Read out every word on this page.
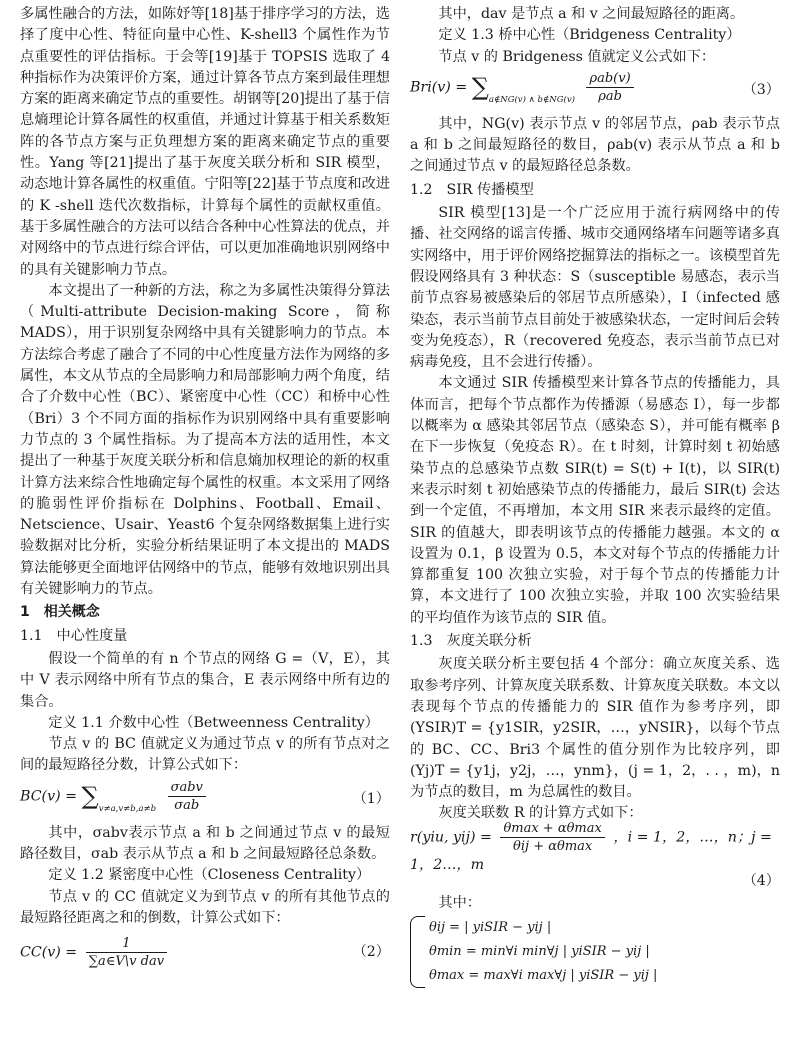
多属性融合的方法，如陈妤等[18]基于排序学习的方法，选择了度中心性、特征向量中心性、K-shell3 个属性作为节点重要性的评估指标。于会等[19]基于 TOPSIS 选取了 4 种指标作为决策评价方案，通过计算各节点方案到最佳理想方案的距离来确定节点的重要性。胡钢等[20]提出了基于信息熵理论计算各属性的权重值，并通过计算基于相关系数矩阵的各节点方案与正负理想方案的距离来确定节点的重要性。Yang 等[21]提出了基于灰度关联分析和 SIR 模型，动态地计算各属性的权重值。宁阳等[22]基于节点度和改进的 K -shell 迭代次数指标，计算每个属性的贡献权重值。基于多属性融合的方法可以结合各种中心性算法的优点，并对网络中的节点进行综合评估，可以更加准确地识别网络中的具有关键影响力节点。

本文提出了一种新的方法，称之为多属性决策得分算法（Multi-attribute Decision-making Score，简称 MADS），用于识别复杂网络中具有关键影响力的节点。本方法综合考虑了融合了不同的中心性度量方法作为网络的多属性，本文从节点的全局影响力和局部影响力两个角度，结合了介数中心性（BC）、紧密度中心性（CC）和桥中心性（Bri）3 个不同方面的指标作为识别网络中具有重要影响力节点的 3 个属性指标。为了提高本方法的适用性，本文提出了一种基于灰度关联分析和信息熵加权理论的新的权重计算方法来综合性地确定每个属性的权重。本文采用了网络的脆弱性评价指标在 Dolphins、Football、Email、Netscience、Usair、Yeast6 个复杂网络数据集上进行实验数据对比分析，实验分析结果证明了本文提出的 MADS 算法能够更全面地评估网络中的节点，能够有效地识别出具有关键影响力的节点。

1　相关概念
1.1 中心性度量

假设一个简单的有 n 个节点的网络 G =（V，E），其中 V 表示网络中所有节点的集合，E 表示网络中所有边的集合。

定义 1.1 介数中心性（Betweenness Centrality）

节点 v 的 BC 值就定义为通过节点 v 的所有节点对之间的最短路径分数，计算公式如下：

$BC(v) = \sum_{v\ne a,v\ne b,a\ne b} \frac{\text{σabv}}{\text{σab}}$	（1）

其中，σabv表示节点 a 和 b 之间通过节点 v 的最短路径数目，σab 表示从节点 a 和 b 之间最短路径总条数。

定义 1.2 紧密度中心性（Closeness Centrality）

节点 v 的 CC 值就定义为到节点 v 的所有其他节点的最短路径距离之和的倒数，计算公式如下：

$CC(v) = \frac{1}{\text{∑a∈V\textbackslash{}v dav}}$	（2）

其中，dav 是节点 a 和 v 之间最短路径的距离。

定义 1.3 桥中心性（Bridgeness Centrality）

节点 v 的 Bridgeness 值就定义公式如下：

$Bri(v) = \sum_{a\notin NG(v) \wedge b\notin NG(v)} \frac{\text{ρab(v)}}{\text{ρab}}$	（3）

其中，NG(v) 表示节点 v 的邻居节点，ρab 表示节点 a 和 b 之间最短路径的数目，ρab(v) 表示从节点 a 和 b 之间通过节点 v 的最短路径总条数。

1.2 SIR 传播模型

SIR 模型[13]是一个广泛应用于流行病网络中的传播、社交网络的谣言传播、城市交通网络堵车问题等诸多真实网络中，用于评价网络挖掘算法的指标之一。该模型首先假设网络具有 3 种状态：S（susceptible 易感态，表示当前节点容易被感染后的邻居节点所感染），I（infected 感染态，表示当前节点目前处于被感染状态，一定时间后会转变为免疫态），R（recovered 免疫态，表示当前节点已对病毒免疫，且不会进行传播）。

本文通过 SIR 传播模型来计算各节点的传播能力，具体而言，把每个节点都作为传播源（易感态 I），每一步都以概率为 α 感染其邻居节点（感染态 S），并可能有概率 β 在下一步恢复（免疫态 R）。在 t 时刻，计算时刻 t 初始感染节点的总感染节点数 SIR(t) = S(t) + I(t)，以 SIR(t) 来表示时刻 t 初始感染节点的传播能力，最后 SIR(t) 会达到一个定值，不再增加，本文用 SIR 来表示最终的定值。SIR 的值越大，即表明该节点的传播能力越强。本文的 α 设置为 0.1，β 设置为 0.5，本文对每个节点的传播能力计算都重复 100 次独立实验，对于每个节点的传播能力计算，本文进行了 100 次独立实验，并取 100 次实验结果的平均值作为该节点的 SIR 值。

1.3 灰度关联分析

灰度关联分析主要包括 4 个部分：确立灰度关系、选取参考序列、计算灰度关联系数、计算灰度关联数。本文以表现每个节点的传播能力的 SIR 值作为参考序列，即 (YSIR)T = {y1SIR，y2SIR，…，yNSIR}，以每个节点的 BC、CC、Bri3 个属性的值分别作为比较序列，即 (Yj)T = {y1j，y2j，…，ynm}，(j = 1，2，. . ，m)，n 为节点的数目，m 为总属性的数目。

灰度关联数 R 的计算方式如下：

r(yiu, $yij) = \frac{\theta\max + \alpha\theta\max}{\text{θij + αθmax}}$ ，i = 1，2，…，n；j = 1，2…，m
（4）

其中：

θij = | yiSIR − yij |
θmin = min∀i min∀j | yiSIR − yij |
θmax = max∀i max∀j | yiSIR − yij |
